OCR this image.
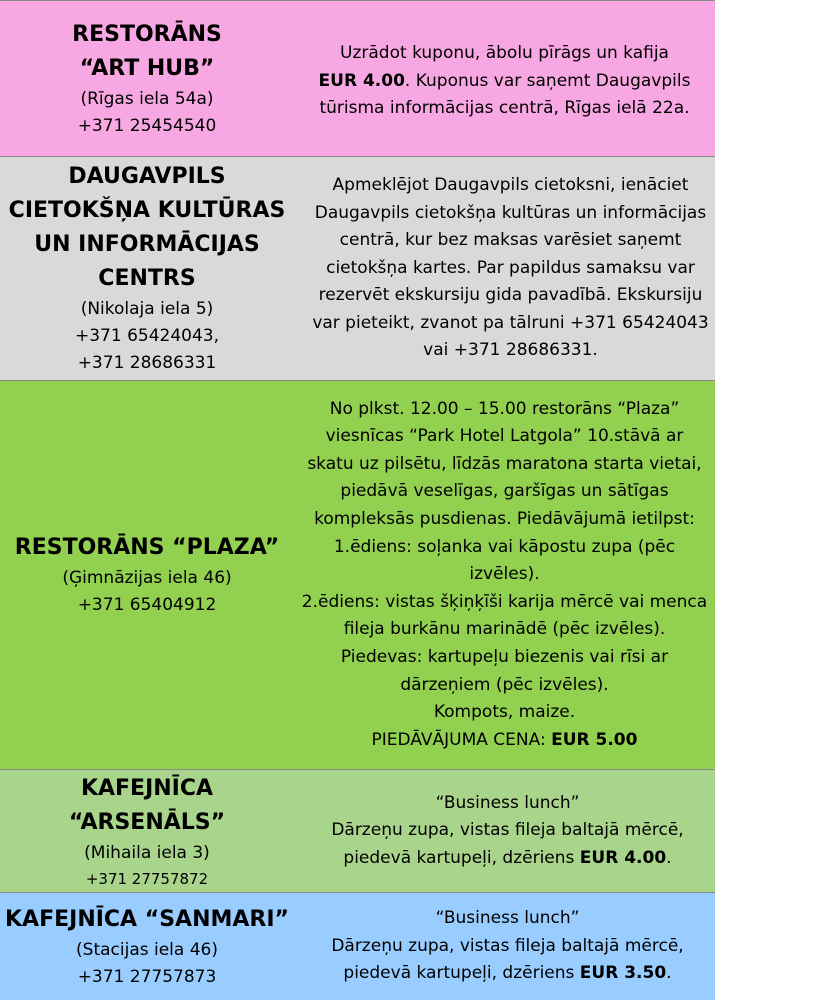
RESTORĀNS
“ART HUB”
(Rīgas iela 54a)
+371 25454540
Uzrādot kuponu, ābolu pīrāgs un kafija
EUR 4.00. Kuponus var saņemt Daugavpils
tūrisma informācijas centrā, Rīgas ielā 22a.
DAUGAVPILS
CIETOKŠŅA KULTŪRAS
UN INFORMĀCIJAS
CENTRS
(Nikolaja iela 5)
+371 65424043,
+371 28686331
Apmeklējot Daugavpils cietoksni, ienāciet
Daugavpils cietokšņa kultūras un informācijas
centrā, kur bez maksas varēsiet saņemt
cietokšņa kartes. Par papildus samaksu var
rezervēt ekskursiju gida pavadībā. Ekskursiju
var pieteikt, zvanot pa tālruni +371 65424043
vai +371 28686331.
RESTORĀNS “PLAZA”
(Ģimnāzijas iela 46)
+371 65404912
No plkst. 12.00 – 15.00 restorāns “Plaza”
viesnīcas “Park Hotel Latgola” 10.stāvā ar
skatu uz pilsētu, līdzās maratona starta vietai,
piedāvā veselīgas, garšīgas un sātīgas
kompleksās pusdienas. Piedāvājumā ietilpst:
1.ēdiens: soļanka vai kāpostu zupa (pēc
izvēles).
2.ēdiens: vistas šķiņķīši karija mērcē vai menca
fileja burkānu marinādē (pēc izvēles).
Piedevas: kartupeļu biezenis vai rīsi ar
dārzeņiem (pēc izvēles).
Kompots, maize.
PIEDĀVĀJUMA CENA: EUR 5.00
KAFEJNĪCA
“ARSENĀLS”
(Mihaila iela 3)
+371 27757872
“Business lunch”
Dārzeņu zupa, vistas fileja baltajā mērcē,
piedevā kartupeļi, dzēriens EUR 4.00.
KAFEJNĪCA “SANMARI”
(Stacijas iela 46)
+371 27757873
“Business lunch”
Dārzeņu zupa, vistas fileja baltajā mērcē,
piedevā kartupeļi, dzēriens EUR 3.50.
